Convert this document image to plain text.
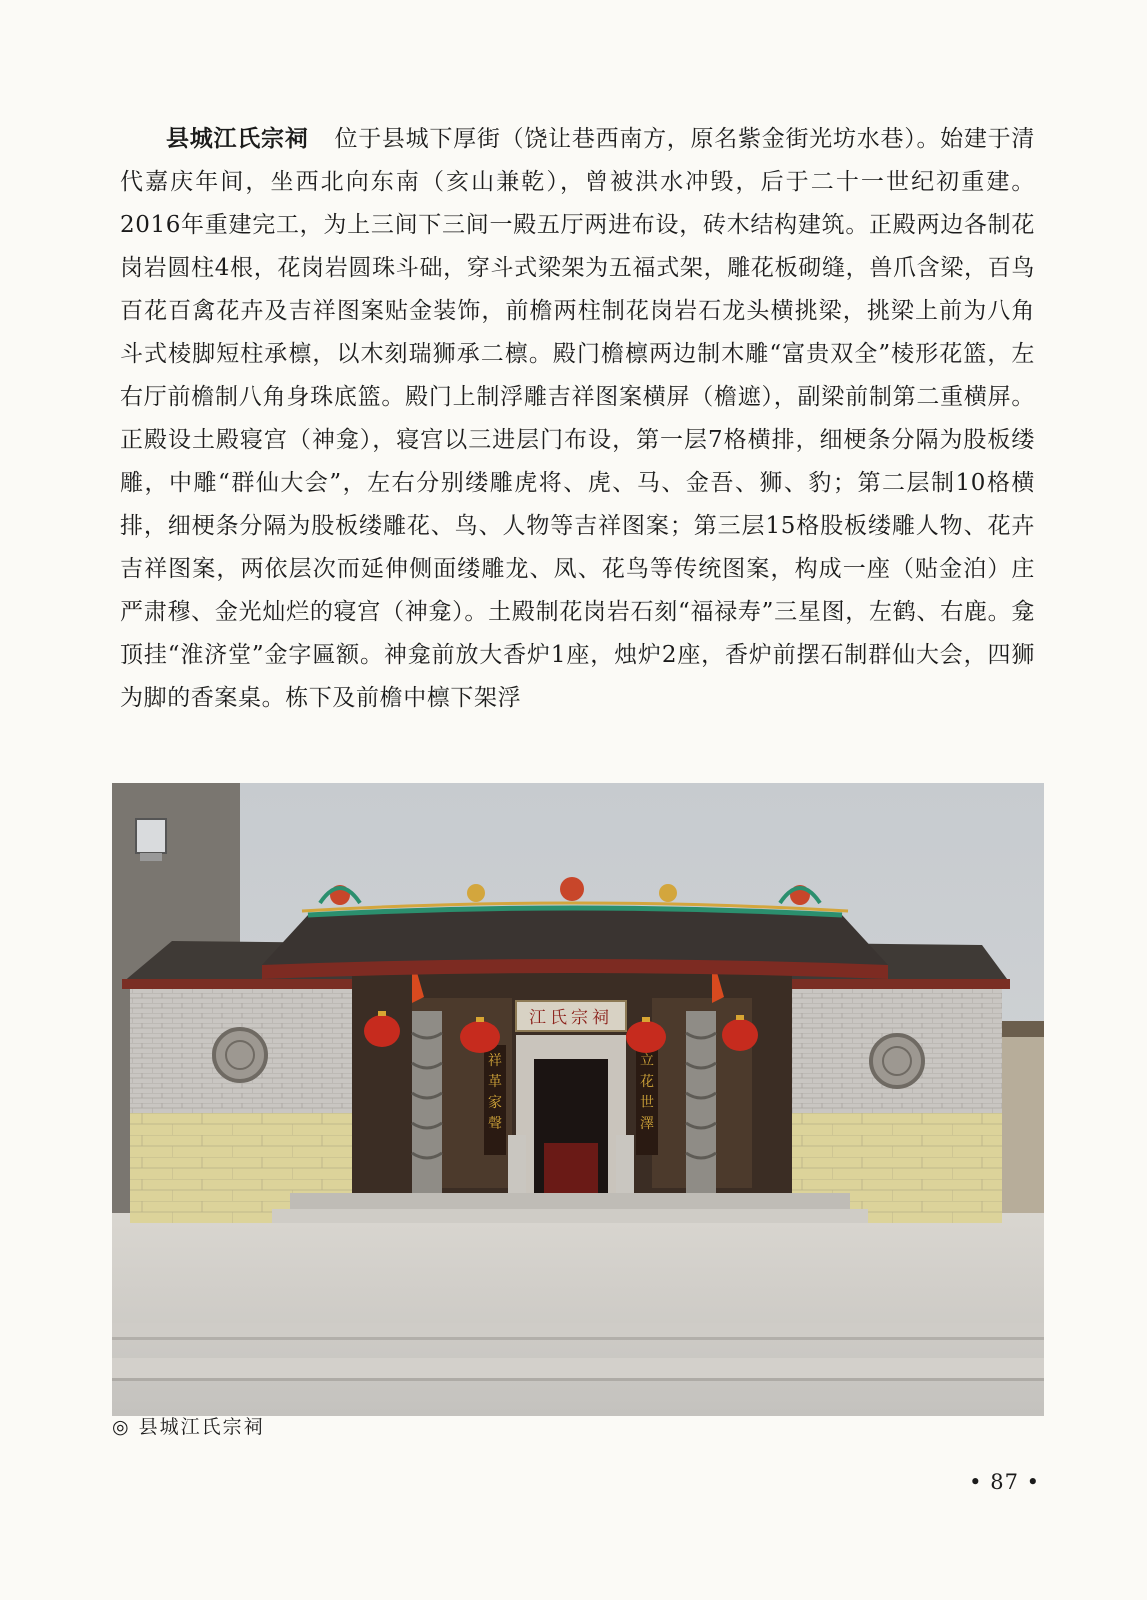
县城江氏宗祠 位于县城下厚街（饶让巷西南方，原名紫金街光坊水巷）。始建于清代嘉庆年间，坐西北向东南（亥山兼乾），曾被洪水冲毁，后于二十一世纪初重建。2016年重建完工，为上三间下三间一殿五厅两进布设，砖木结构建筑。正殿两边各制花岗岩圆柱4根，花岗岩圆珠斗础，穿斗式梁架为五福式架，雕花板砌缝，兽爪含梁，百鸟百花百禽花卉及吉祥图案贴金装饰，前檐两柱制花岗岩石龙头横挑梁，挑梁上前为八角斗式棱脚短柱承檩，以木刻瑞狮承二檩。殿门檐檩两边制木雕“富贵双全”棱形花篮，左右厅前檐制八角身珠底篮。殿门上制浮雕吉祥图案横屏（檐遮），副梁前制第二重横屏。正殿设土殿寝宫（神龛），寝宫以三进层门布设，第一层7格横排，细梗条分隔为股板缕雕，中雕“群仙大会”，左右分别缕雕虎将、虎、马、金吾、狮、豹；第二层制10格横排，细梗条分隔为股板缕雕花、鸟、人物等吉祥图案；第三层15格股板缕雕人物、花卉吉祥图案，两依层次而延伸侧面缕雕龙、凤、花鸟等传统图案，构成一座（贴金泊）庄严肃穆、金光灿烂的寝宫（神龛）。土殿制花岗岩石刻“福禄寿”三星图，左鹤、右鹿。龛顶挂“淮济堂”金字匾额。神龛前放大香炉1座，烛炉2座，香炉前摆石制群仙大会，四狮为脚的香案桌。栋下及前檐中檩下架浮

江氏宗祠
祥革家聲
立花世澤
◎ 县城江氏宗祠
• 87 •
